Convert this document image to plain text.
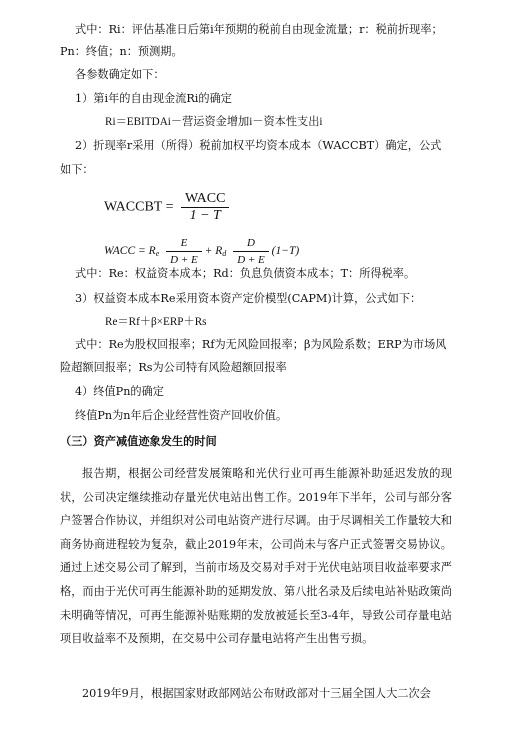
式中：Ri：评估基准日后第i年预期的税前自由现金流量；r：税前折现率；
Pn：终值；n：预测期。
各参数确定如下：
1）第i年的自由现金流Ri的确定
Ri＝EBITDAi－营运资金增加i－资本性支出i
2）折现率r采用（所得）税前加权平均资本成本（WACCBT）确定，公式
如下：
WACCBT = $\frac{\text{WACC}}{1 - T}$
WACC = $R_e \frac{E}{D + E} + R_d \frac{D}{D + E} (1-T)$
式中：Re：权益资本成本；Rd：负息负债资本成本；T：所得税率。
3）权益资本成本Re采用资本资产定价模型(CAPM)计算，公式如下：
Re＝Rf＋β×ERP＋Rs
式中：Re为股权回报率；Rf为无风险回报率；β为风险系数；ERP为市场风
险超额回报率；Rs为公司特有风险超额回报率
4）终值Pn的确定
终值Pn为n年后企业经营性资产回收价值。
（三）资产减值迹象发生的时间
报告期，根据公司经营发展策略和光伏行业可再生能源补助延迟发放的现状，公司决定继续推动存量光伏电站出售工作。2019年下半年，公司与部分客户签署合作协议，并组织对公司电站资产进行尽调。由于尽调相关工作量较大和商务协商进程较为复杂，截止2019年末，公司尚未与客户正式签署交易协议。通过上述交易公司了解到，当前市场及交易对手对于光伏电站项目收益率要求严格，而由于光伏可再生能源补助的延期发放、第八批名录及后续电站补贴政策尚未明确等情况，可再生能源补贴账期的发放被延长至3-4年，导致公司存量电站项目收益率不及预期，在交易中公司存量电站将产生出售亏损。
2019年9月，根据国家财政部网站公布财政部对十三届全国人大二次会
